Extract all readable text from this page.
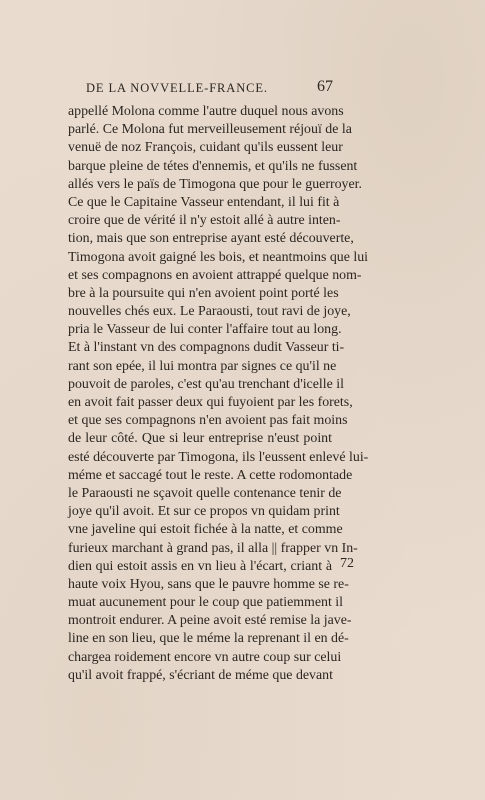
DE LA NOVVELLE-FRANCE.	67
appellé Molona comme l'autre duquel nous avons
parlé. Ce Molona fut merveilleusement réjouï de la
venuë de noz François, cuidant qu'ils eussent leur
barque pleine de tétes d'ennemis, et qu'ils ne fussent
allés vers le païs de Timogona que pour le guerroyer.
Ce que le Capitaine Vasseur entendant, il lui fit à
croire que de vérité il n'y estoit allé à autre inten-
tion, mais que son entreprise ayant esté découverte,
Timogona avoit gaigné les bois, et neantmoins que lui
et ses compagnons en avoient attrappé quelque nom-
bre à la poursuite qui n'en avoient point porté les
nouvelles chés eux. Le Paraousti, tout ravi de joye,
pria le Vasseur de lui conter l'affaire tout au long.
Et à l'instant vn des compagnons dudit Vasseur ti-
rant son epée, il lui montra par signes ce qu'il ne
pouvoit de paroles, c'est qu'au trenchant d'icelle il
en avoit fait passer deux qui fuyoient par les forets,
et que ses compagnons n'en avoient pas fait moins
de leur côté. Que si leur entreprise n'eust point
esté découverte par Timogona, ils l'eussent enlevé lui-
méme et saccagé tout le reste. A cette rodomontade
le Paraousti ne sçavoit quelle contenance tenir de
joye qu'il avoit. Et sur ce propos vn quidam print
vne javeline qui estoit fichée à la natte, et comme
furieux marchant à grand pas, il alla || frapper vn In-
dien qui estoit assis en vn lieu à l'écart, criant à
haute voix Hyou, sans que le pauvre homme se re-
muat aucunement pour le coup que patiemment il
montroit endurer. A peine avoit esté remise la jave-
line en son lieu, que le méme la reprenant il en dé-
chargea roidement encore vn autre coup sur celui
qu'il avoit frappé, s'écriant de méme que devant
72
